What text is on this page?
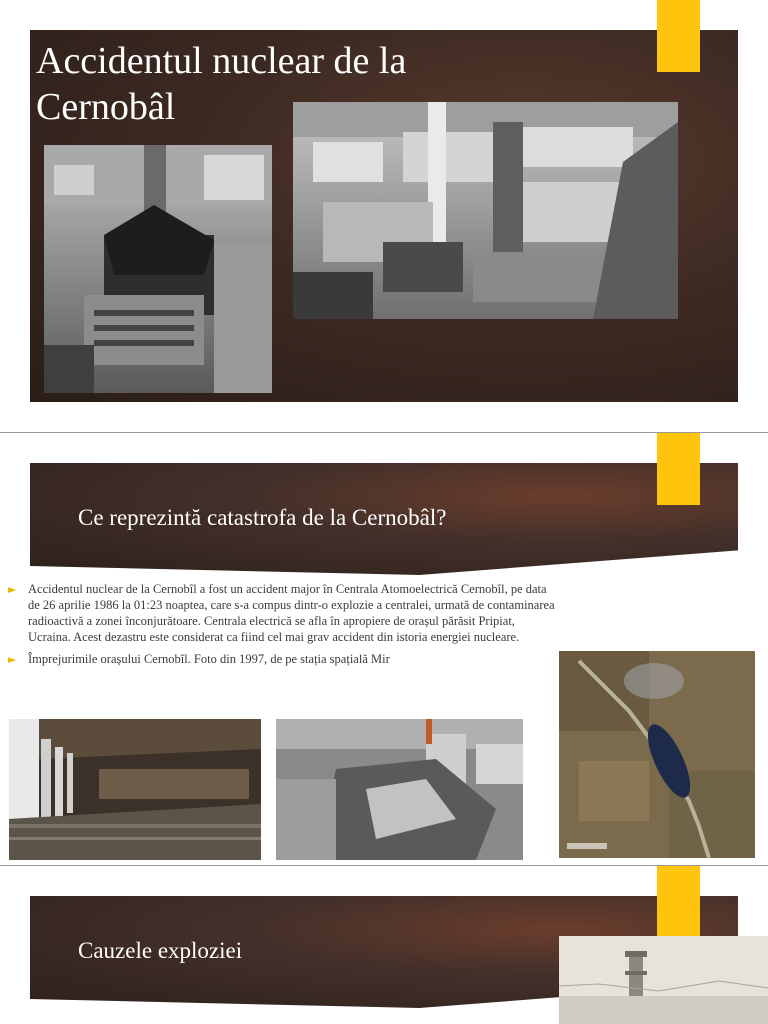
Accidentul nuclear de la
Cernobâl
Ce reprezintă catastrofa de la Cernobâl?
► Accidentul nuclear de la Cernobîl a fost un accident major în Centrala Atomoelectrică Cernobîl, pe data de 26 aprilie 1986 la 01:23 noaptea, care s-a compus dintr-o explozie a centralei, urmată de contaminarea radioactivă a zonei înconjurătoare. Centrala electrică se afla în apropiere de orașul părăsit Pripiat, Ucraina. Acest dezastru este considerat ca fiind cel mai grav accident din istoria energiei nucleare.
► Împrejurimile orașului Cernobîl. Foto din 1997, de pe stația spațială Mir
Cauzele exploziei
